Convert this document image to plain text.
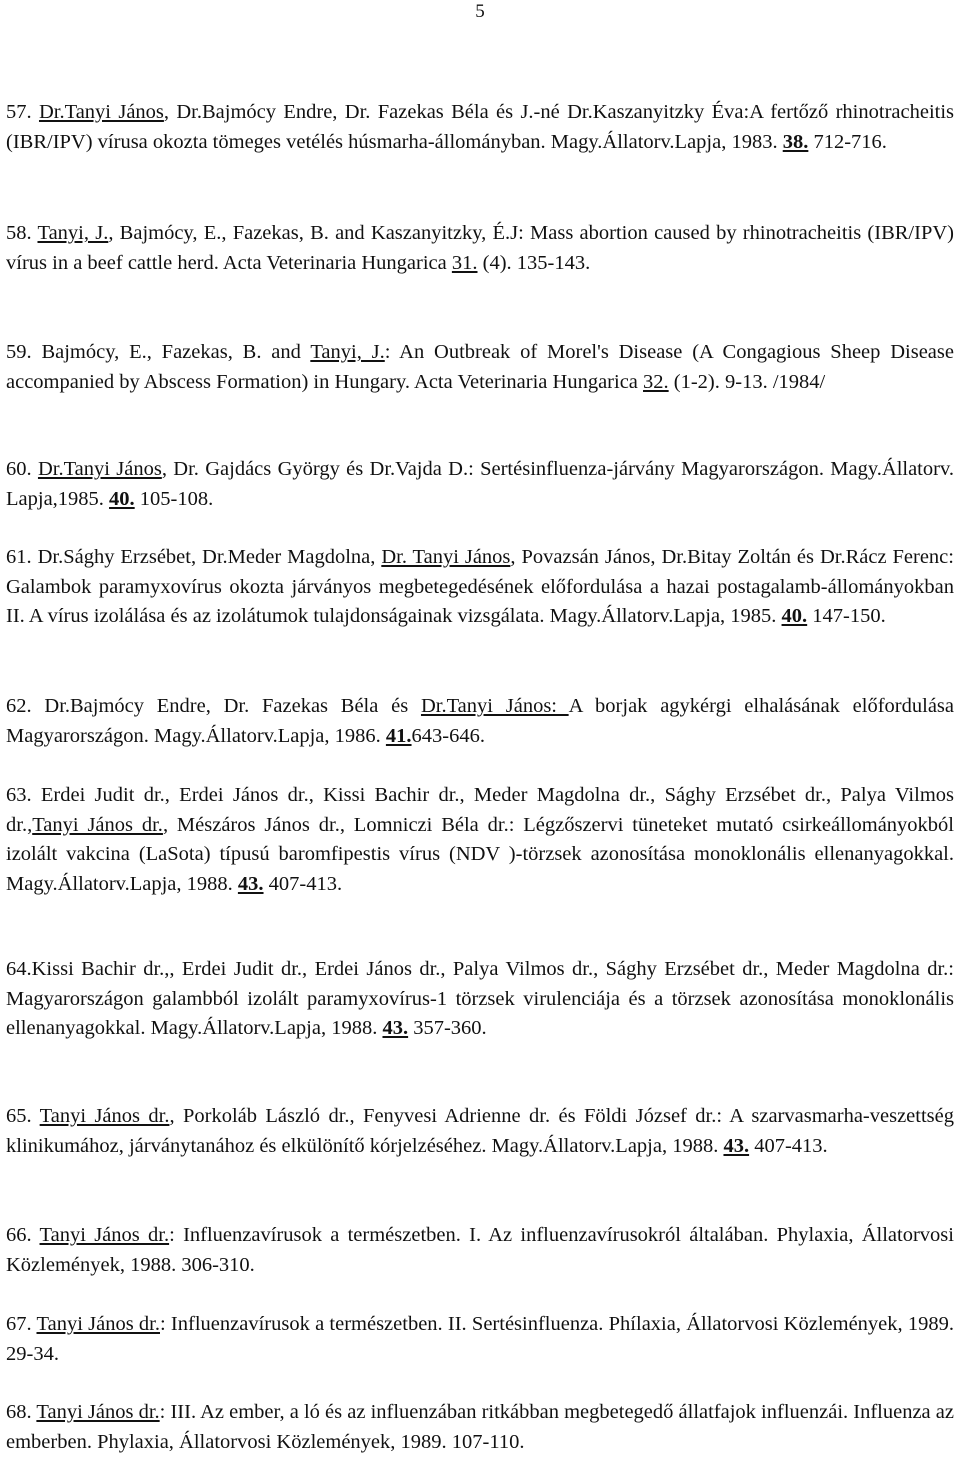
5

57. Dr.Tanyi János, Dr.Bajmócy Endre, Dr. Fazekas Béla és J.-né Dr.Kaszanyitzky Éva:A fertőző rhinotracheitis (IBR/IPV) vírusa okozta tömeges vetélés húsmarha-állományban. Magy.Állatorv.Lapja, 1983. 38. 712-716.

58. Tanyi, J., Bajmócy, E., Fazekas, B. and Kaszanyitzky, É.J: Mass abortion caused by rhinotracheitis (IBR/IPV) vírus in a beef cattle herd. Acta Veterinaria Hungarica 31. (4). 135-143.

59. Bajmócy, E., Fazekas, B. and Tanyi, J.: An Outbreak of Morel's Disease (A Congagious Sheep Disease accompanied by Abscess Formation) in Hungary. Acta Veterinaria Hungarica 32. (1-2). 9-13. /1984/

60. Dr.Tanyi János, Dr. Gajdács György és Dr.Vajda D.: Sertésinfluenza-járvány Magyarországon. Magy.Állatorv. Lapja,1985. 40. 105-108.

61. Dr.Sághy Erzsébet, Dr.Meder Magdolna, Dr. Tanyi János, Povazsán János, Dr.Bitay Zoltán és Dr.Rácz Ferenc: Galambok paramyxovírus okozta járványos megbetegedésének előfordulása a hazai postagalamb-állományokban II. A vírus izolálása és az izolátumok tulajdonságainak vizsgálata. Magy.Állatorv.Lapja, 1985. 40. 147-150.

62. Dr.Bajmócy Endre, Dr. Fazekas Béla és Dr.Tanyi János: A borjak agykérgi elhalásának előfordulása Magyarországon. Magy.Állatorv.Lapja, 1986. 41.643-646.

63. Erdei Judit dr., Erdei János dr., Kissi Bachir dr., Meder Magdolna dr., Sághy Erzsébet dr., Palya Vilmos dr.,Tanyi János dr., Mészáros János dr., Lomniczi Béla dr.: Légzőszervi tüneteket mutató csirkeállományokból izolált vakcina (LaSota) típusú baromfipestis vírus (NDV )-törzsek azonosítása monoklonális ellenanyagokkal. Magy.Állatorv.Lapja, 1988. 43. 407-413.

64.Kissi Bachir dr.,, Erdei Judit dr., Erdei János dr., Palya Vilmos dr., Sághy Erzsébet dr., Meder Magdolna dr.: Magyarországon galambból izolált paramyxovírus-1 törzsek virulenciája és a törzsek azonosítása monoklonális ellenanyagokkal. Magy.Állatorv.Lapja, 1988. 43. 357-360.

65. Tanyi János dr., Porkoláb László dr., Fenyvesi Adrienne dr. és Földi József dr.: A szarvasmarha-veszettség klinikumához, járványtanához és elkülönítő kórjelzéséhez. Magy.Állatorv.Lapja, 1988. 43. 407-413.

66. Tanyi János dr.: Influenzavírusok a természetben. I. Az influenzavírusokról általában. Phylaxia, Állatorvosi Közlemények, 1988. 306-310.

67. Tanyi János dr.: Influenzavírusok a természetben. II. Sertésinfluenza. Phílaxia, Állatorvosi Közlemények, 1989. 29-34.

68. Tanyi János dr.: III. Az ember, a ló és az influenzában ritkábban megbetegedő állatfajok influenzái. Influenza az emberben. Phylaxia, Állatorvosi Közlemények, 1989. 107-110.
